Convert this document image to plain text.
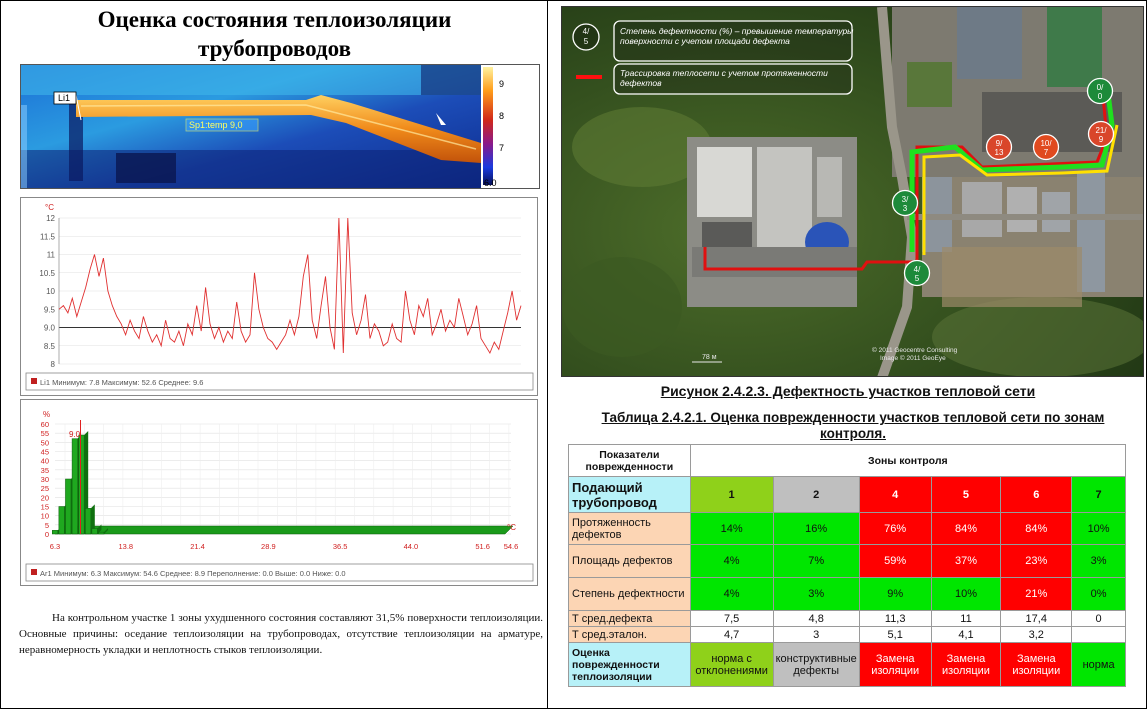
Оценка состояния теплоизоляции
трубопроводов
Li1
Sp1:temp 9,0
9
8
7
6.0
°C
12
11.5
11
10.5
10
9.5
9.0
8.5
8
Li1 Минимум: 7.8 Максимум: 52.6 Среднее: 9.6
%
60
55
50
45
40
35
30
25
20
15
10
5
0
6.3	13.8	21.4	28.9	36.5	44.0	51.6 54.6
9.0
°C
Ar1 Минимум: 6.3 Максимум: 54.6 Среднее: 8.9 Переполнение: 0.0 Выше: 0.0 Ниже: 0.0
На контрольном участке 1 зоны ухудшенного состояния составляют 31,5% поверхности теплоизоляции. Основные причины: оседание теплоизоляции на трубопроводах, отсутствие теплоизоляции на арматуре, неравномерность укладки и неплотность стыков теплоизоляции.
Степень дефектности (%) – превышение температуры поверхности с учетом площади дефекта
Трассировка теплосети с учетом протяженности дефектов
4/
5
0/
0
21/
9
10/
7
9/
13
3/
3
4/
5
78 м
© 2011 Geocentre Consulting
Image © 2011 GeoEye
Рисунок 2.4.2.3. Дефектность участков тепловой сети
Таблица 2.4.2.1. Оценка поврежденности участков тепловой сети по зонам контроля.
Показатели поврежденности	Зоны контроля					
Подающий трубопровод	1	2	4	5	6	7
Протяженность дефектов	14%	16%	76%	84%	84%	10%
Площадь дефектов	4%	7%	59%	37%	23%	3%
Степень дефектности	4%	3%	9%	10%	21%	0%
Т сред.дефекта	7,5	4,8	11,3	11	17,4	0
Т сред.эталон.	4,7	3	5,1	4,1	3,2	
Оценка поврежденности теплоизоляции	норма с отклонениями	конструктивные дефекты	Замена изоляции	Замена изоляции	Замена изоляции	норма
